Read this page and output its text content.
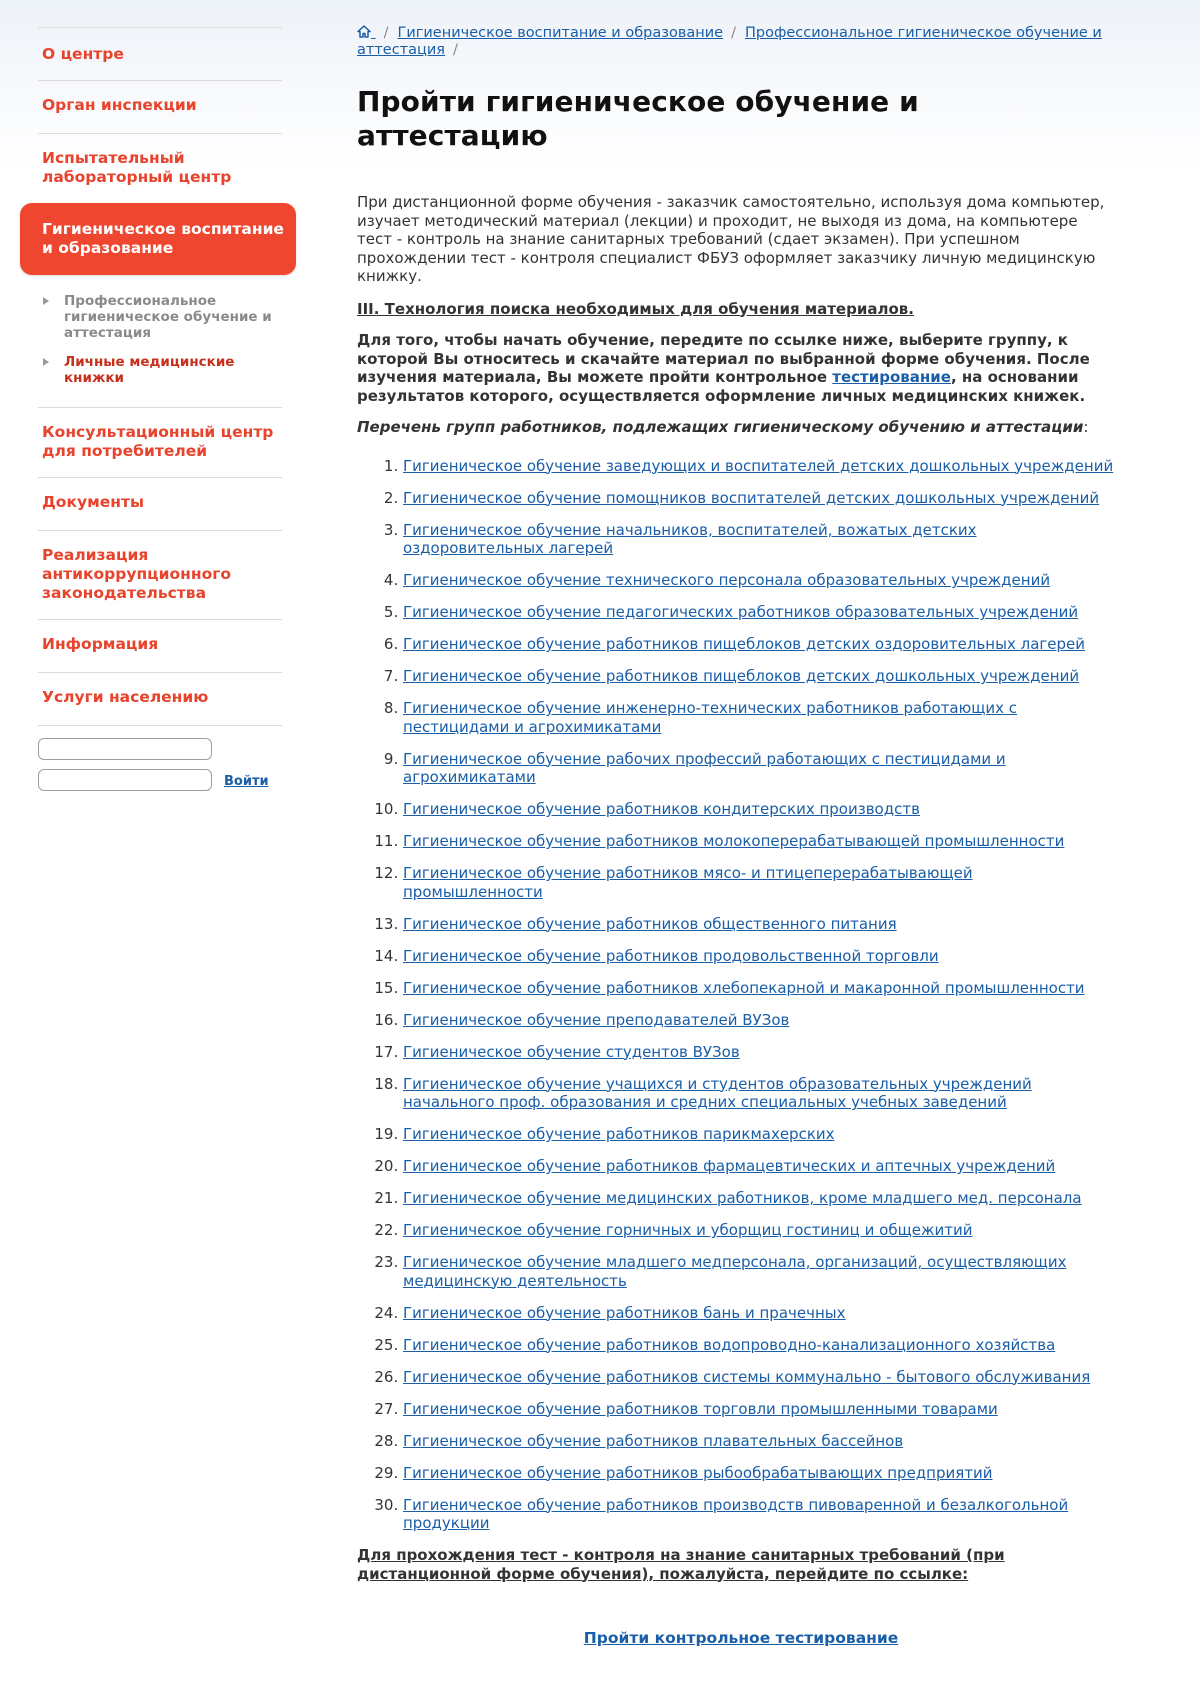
О центре
Орган инспекции
Испытательный лабораторный центр
Гигиеническое воспитание и образование
Профессиональное гигиеническое обучение и аттестация
Личные медицинские книжки
Консультационный центр для потребителей
Документы
Реализация антикоррупционного законодательства
Информация
Услуги населению
Войти
/ Гигиеническое воспитание и образование / Профессиональное гигиеническое обучение и аттестация /
Пройти гигиеническое обучение и аттестацию

При дистанционной форме обучения - заказчик самостоятельно, используя дома компьютер, изучает методический материал (лекции) и проходит, не выходя из дома, на компьютере тест - контроль на знание санитарных требований (сдает экзамен). При успешном прохождении тест - контроля специалист ФБУЗ оформляет заказчику личную медицинскую книжку.

III. Технология поиска необходимых для обучения материалов.

Для того, чтобы начать обучение, передите по ссылке ниже, выберите группу, к которой Вы относитесь и скачайте материал по выбранной форме обучения. После изучения материала, Вы можете пройти контрольное тестирование, на основании результатов которого, осуществляется оформление личных медицинских книжек.

Перечень групп работников, подлежащих гигиеническому обучению и аттестации:

1. Гигиеническое обучение заведующих и воспитателей детских дошкольных учреждений
2. Гигиеническое обучение помощников воспитателей детских дошкольных учреждений
3. Гигиеническое обучение начальников, воспитателей, вожатых детских оздоровительных лагерей
4. Гигиеническое обучение технического персонала образовательных учреждений
5. Гигиеническое обучение педагогических работников образовательных учреждений
6. Гигиеническое обучение работников пищеблоков детских оздоровительных лагерей
7. Гигиеническое обучение работников пищеблоков детских дошкольных учреждений
8. Гигиеническое обучение инженерно-технических работников работающих с пестицидами и агрохимикатами
9. Гигиеническое обучение рабочих профессий работающих с пестицидами и агрохимикатами
10. Гигиеническое обучение работников кондитерских производств
11. Гигиеническое обучение работников молокоперерабатывающей промышленности
12. Гигиеническое обучение работников мясо- и птицеперерабатывающей промышленности
13. Гигиеническое обучение работников общественного питания
14. Гигиеническое обучение работников продовольственной торговли
15. Гигиеническое обучение работников хлебопекарной и макаронной промышленности
16. Гигиеническое обучение преподавателей ВУЗов
17. Гигиеническое обучение студентов ВУЗов
18. Гигиеническое обучение учащихся и студентов образовательных учреждений начального проф. образования и средних специальных учебных заведений
19. Гигиеническое обучение работников парикмахерских
20. Гигиеническое обучение работников фармацевтических и аптечных учреждений
21. Гигиеническое обучение медицинских работников, кроме младшего мед. персонала
22. Гигиеническое обучение горничных и уборщиц гостиниц и общежитий
23. Гигиеническое обучение младшего медперсонала, организаций, осуществляющих медицинскую деятельность
24. Гигиеническое обучение работников бань и прачечных
25. Гигиеническое обучение работников водопроводно-канализационного хозяйства
26. Гигиеническое обучение работников системы коммунально - бытового обслуживания
27. Гигиеническое обучение работников торговли промышленными товарами
28. Гигиеническое обучение работников плавательных бассейнов
29. Гигиеническое обучение работников рыбообрабатывающих предприятий
30. Гигиеническое обучение работников производств пивоваренной и безалкогольной продукции

Для прохождения тест - контроля на знание санитарных требований (при дистанционной форме обучения), пожалуйста, перейдите по ссылке:

Пройти контрольное тестирование
